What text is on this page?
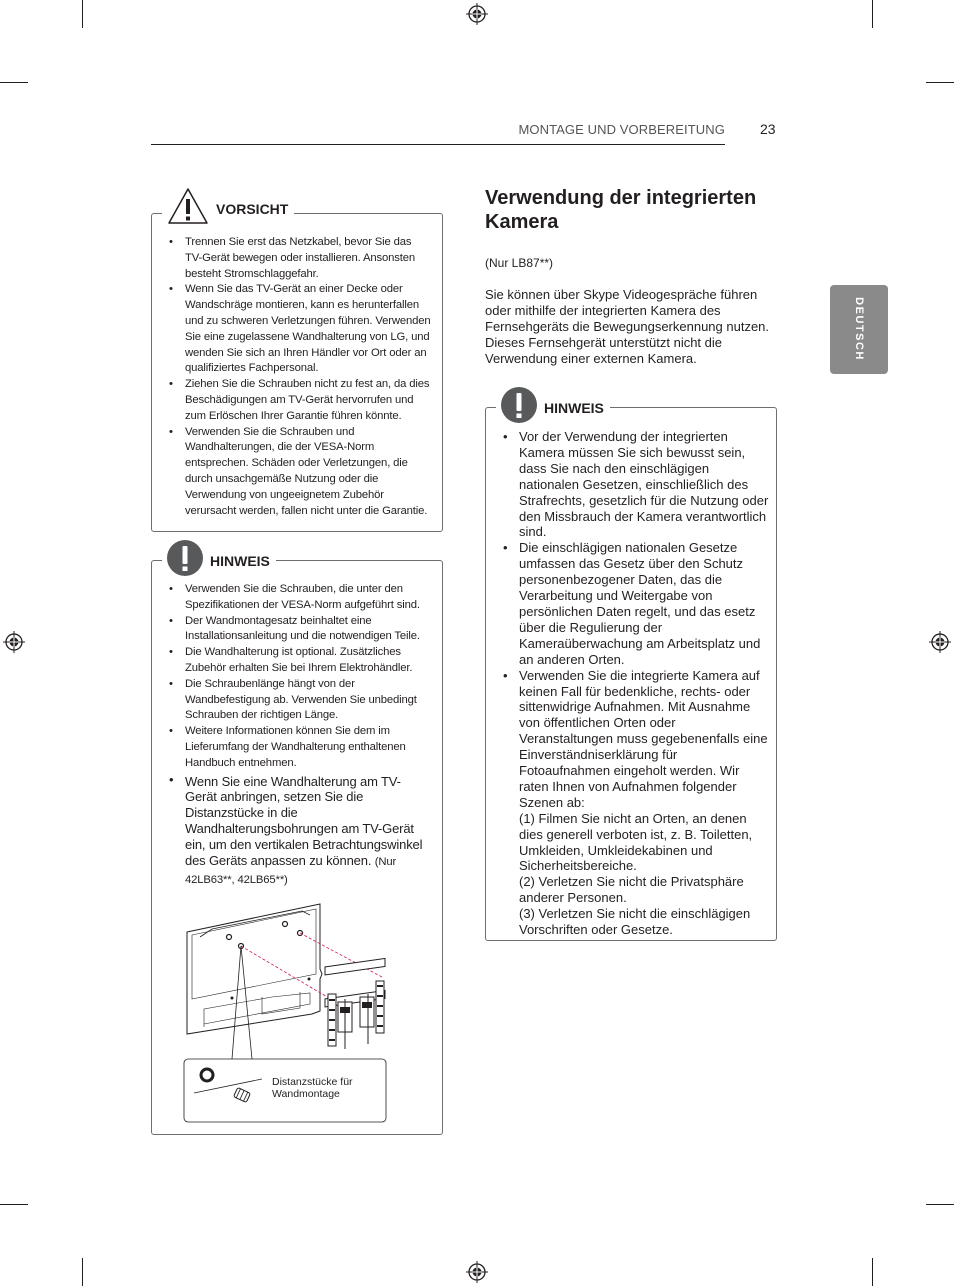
MONTAGE UND VORBEREITUNG	23
DEUTSCH
VORSICHT
• Trennen Sie erst das Netzkabel, bevor Sie das TV-Gerät bewegen oder installieren. Ansonsten besteht Stromschlaggefahr.
• Wenn Sie das TV-Gerät an einer Decke oder Wandschräge montieren, kann es herunterfallen und zu schweren Verletzungen führen. Verwenden Sie eine zugelassene Wandhalterung von LG, und wenden Sie sich an Ihren Händler vor Ort oder an qualifiziertes Fachpersonal.
• Ziehen Sie die Schrauben nicht zu fest an, da dies Beschädigungen am TV-Gerät hervorrufen und zum Erlöschen Ihrer Garantie führen könnte.
• Verwenden Sie die Schrauben und Wandhalterungen, die der VESA-Norm entsprechen. Schäden oder Verletzungen, die durch unsachgemäße Nutzung oder die Verwendung von ungeeignetem Zubehör verursacht werden, fallen nicht unter die Garantie.
HINWEIS
• Verwenden Sie die Schrauben, die unter den Spezifikationen der VESA-Norm aufgeführt sind.
• Der Wandmontagesatz beinhaltet eine Installationsanleitung und die notwendigen Teile.
• Die Wandhalterung ist optional. Zusätzliches Zubehör erhalten Sie bei Ihrem Elektrohändler.
• Die Schraubenlänge hängt von der Wandbefestigung ab. Verwenden Sie unbedingt Schrauben der richtigen Länge.
• Weitere Informationen können Sie dem im Lieferumfang der Wandhalterung enthaltenen Handbuch entnehmen.
• Wenn Sie eine Wandhalterung am TV-Gerät anbringen, setzen Sie die Distanzstücke in die Wandhalterungsbohrungen am TV-Gerät ein, um den vertikalen Betrachtungswinkel des Geräts anpassen zu können. (Nur 42LB63**, 42LB65**)
Distanzstücke für
Wandmontage
Verwendung der integrierten Kamera
(Nur LB87**)
Sie können über Skype Videogespräche führen oder mithilfe der integrierten Kamera des Fernsehgeräts die Bewegungserkennung nutzen. Dieses Fernsehgerät unterstützt nicht die Verwendung einer externen Kamera.
HINWEIS
• Vor der Verwendung der integrierten Kamera müssen Sie sich bewusst sein, dass Sie nach den einschlägigen nationalen Gesetzen, einschließlich des Strafrechts, gesetzlich für die Nutzung oder den Missbrauch der Kamera verantwortlich sind.
• Die einschlägigen nationalen Gesetze umfassen das Gesetz über den Schutz personenbezogener Daten, das die Verarbeitung und Weitergabe von persönlichen Daten regelt, und das esetz über die Regulierung der Kameraüberwachung am Arbeitsplatz und an anderen Orten.
• Verwenden Sie die integrierte Kamera auf keinen Fall für bedenkliche, rechts- oder sittenwidrige Aufnahmen. Mit Ausnahme von öffentlichen Orten oder Veranstaltungen muss gegebenenfalls eine Einverständniserklärung für Fotoaufnahmen eingeholt werden. Wir raten Ihnen von Aufnahmen folgender Szenen ab:
(1) Filmen Sie nicht an Orten, an denen dies generell verboten ist, z. B. Toiletten, Umkleiden, Umkleidekabinen und Sicherheitsbereiche.
(2) Verletzen Sie nicht die Privatsphäre anderer Personen.
(3) Verletzen Sie nicht die einschlägigen Vorschriften oder Gesetze.
